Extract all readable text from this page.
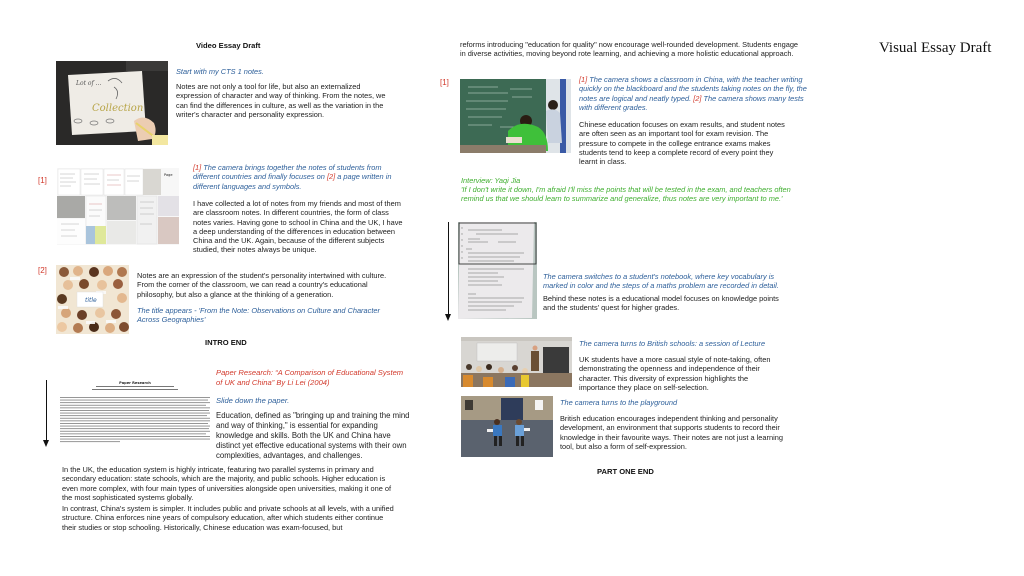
Video Essay Draft
Lot of ...
Collection
Start with my CTS 1 notes.
Notes are not only a tool for life, but also an externalized expression of character and way of thinking. From the notes, we can find the differences in culture, as well as the variation in the writer's character and personality expression.
[1]
Page
[1] The camera brings together the notes of students from different countries and finally focuses on [2] a page written in different languages and symbols.
I have collected a lot of notes from my friends and most of them are classroom notes. In different countries, the form of class notes varies. Having gone to school in China and the UK, I have a deep understanding of the differences in education between China and the UK. Again, because of the different subjects studied, their notes always be unique.
[2]
title
Notes are an expression of the student's personality intertwined with culture. From the corner of the classroom, we can read a country's educational philosophy, but also a glance at the thinking of a generation.
The title appears - 'From the Note: Observations on Culture and Character Across Geographies'
INTRO END
Paper Research
Paper Research: “A Comparison of Educational System of UK and China” By Li Lei (2004)
Slide down the paper.
Education, defined as "bringing up and training the mind and way of thinking," is essential for expanding knowledge and skills. Both the UK and China have distinct yet effective educational systems with their own complexities, advantages, and challenges.
In the UK, the education system is highly intricate, featuring two parallel systems in primary and secondary education: state schools, which are the majority, and public schools. Higher education is even more complex, with four main types of universities alongside open universities, making it one of the most sophisticated systems globally.
In contrast, China's system is simpler. It includes public and private schools at all levels, with a unified structure. China enforces nine years of compulsory education, after which students either continue their studies or stop schooling. Historically, Chinese education was exam-focused, but
reforms introducing "education for quality" now encourage well-rounded development. Students engage in diverse activities, moving beyond rote learning, and achieving a more holistic educational approach.
[1]	[1] The camera shows a classroom in China, with the teacher writing quickly on the blackboard and the students taking notes on the fly, the notes are logical and neatly typed. [2] The camera shows many tests with different grades.
Chinese education focuses on exam results, and student notes are often seen as an important tool for exam revision. The pressure to compete in the college entrance exams makes students tend to keep a complete record of every point they learnt in class.
Interview: Yaqi Jia
'If I don't write it down, I'm afraid I'll miss the points that will be tested in the exam, and teachers often remind us that we should learn to summarize and generalize, thus notes are very important to me.'
The camera switches to a student's notebook, where key vocabulary is marked in color and the steps of a maths problem are recorded in detail.
Behind these notes is a educational model focuses on knowledge points and the students' quest for higher grades.
The camera turns to British schools: a session of Lecture
UK students have a more casual style of note-taking, often demonstrating the openness and independence of their character. This diversity of expression highlights the importance they place on self-selection.
The camera turns to the playground
British education encourages independent thinking and personality development, an environment that supports students to record their knowledge in their favourite ways. Their notes are not just a learning tool, but also a form of self-expression.
PART ONE END
Visual Essay Draft
